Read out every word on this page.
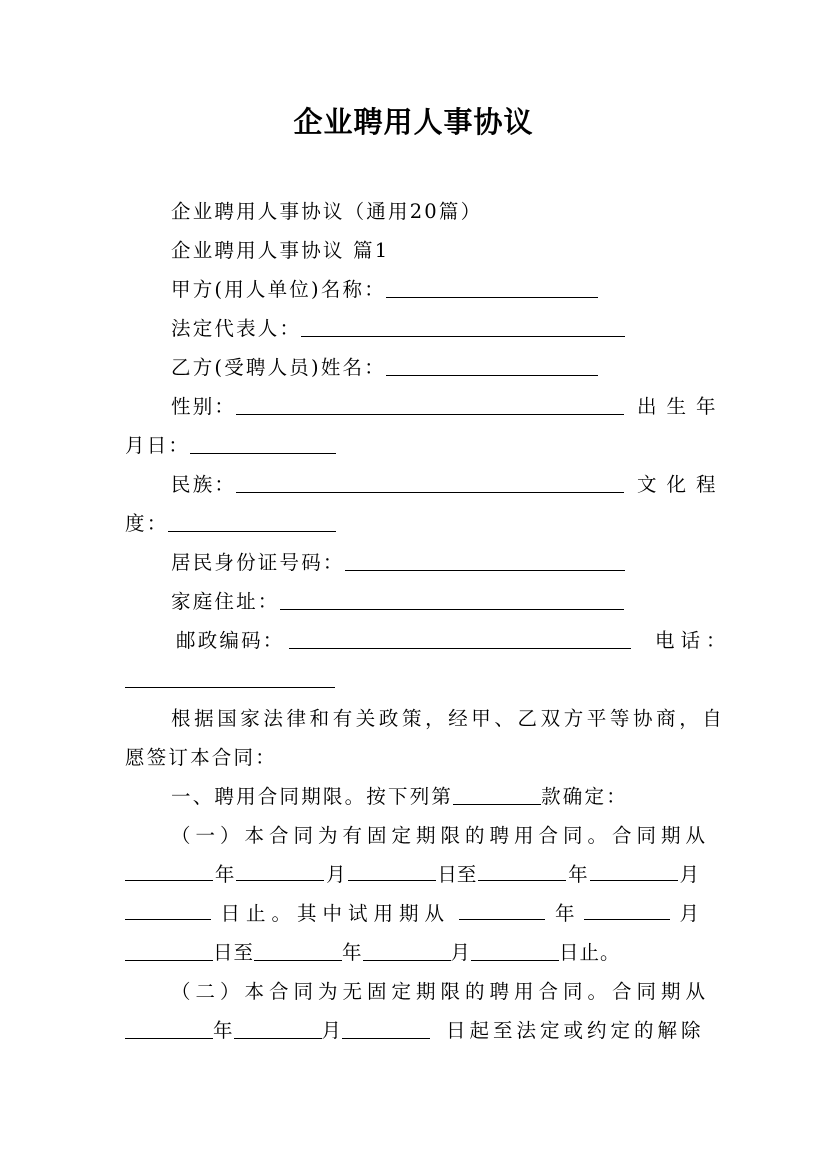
企业聘用人事协议
企业聘用人事协议（通用20篇）
企业聘用人事协议 篇1
甲方(用人单位)名称：
法定代表人：
乙方(受聘人员)姓名：
性别：	出生年
月日：
民族：	文化程
度：
居民身份证号码：
家庭住址：
邮政编码：	电话：
根据国家法律和有关政策，经甲、乙双方平等协商，自
愿签订本合同：
一、聘用合同期限。按下列第	款确定：
（一）本合同为有固定期限的聘用合同。合同期从
年	月	日至	年	月
日止。其中试用期从	年	月
日至	年	月	日止。
（二）本合同为无固定期限的聘用合同。合同期从
年	月	日起至法定或约定的解除
